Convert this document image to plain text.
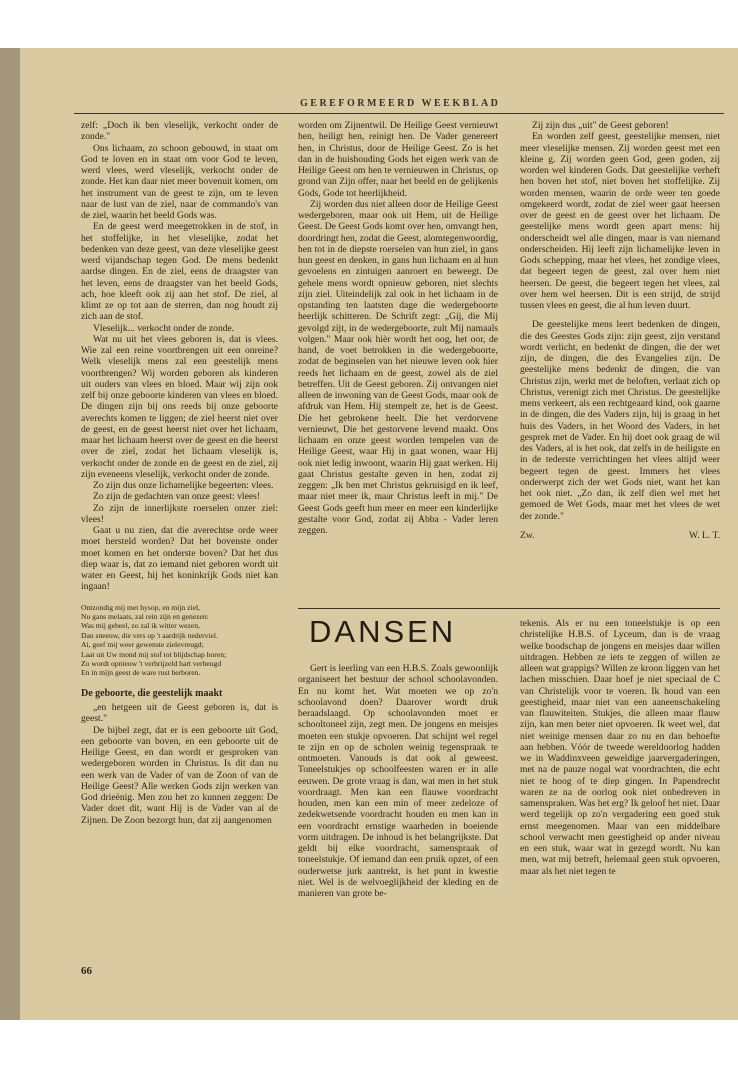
GEREFORMEERD WEEKBLAD

zelf: „Doch ik ben vleselijk, verkocht onder de zonde."

Ons lichaam, zo schoon gebouwd, in staat om God te loven en in staat om voor God te leven, werd vlees, werd vleselijk, verkocht onder de zonde. Het kan daar niet meer bovenuit komen, om het instrument van de geest te zijn, om te leven naar de lust van de ziel, naar de commando's van de ziel, waarin het beeld Gods was.

En de geest werd meegetrokken in de stof, in het stoffelijke, in het vleselijke, zodat het bedenken van deze geest, van deze vleselijke geest werd vijandschap tegen God. De mens bedenkt aardse dingen. En de ziel, eens de draagster van het leven, eens de draagster van het beeld Gods, ach, hoe kleeft ook zij aan het stof. De ziel, al klimt ze op tot aan de sterren, dan nog houdt zij zich aan de stof.

Vleselijk... verkocht onder de zonde.

Wat nu uit het vlees geboren is, dat is vlees. Wie zal een reine voortbrengen uit een onreine? Welk vleselijk mens zal een geestelijk mens voortbrengen? Wij worden geboren als kinderen uit ouders van vlees en bloed. Maar wij zijn ook zelf bij onze geboorte kinderen van vlees en bloed. De dingen zijn bij ons reeds bij onze geboorte averechts komen te liggen; de ziel heerst niet over de geest, en de geest heerst niet over het lichaam, maar het lichaam heerst over de geest en die heerst over de ziel, zodat het lichaam vleselijk is, verkocht onder de zonde en de geest en de ziel, zij zijn eveneens vleselijk, verkocht onder de zonde.

Zo zijn dus onze lichamelijke begeerten: vlees.

Zo zijn de gedachten van onze geest: vlees!

Zo zijn de innerlijkste roerselen onzer ziel: vlees!

Gaat u nu zien, dat die averechtse orde weer moet hersteld worden? Dat het bovenste onder moet komen en het onderste boven? Dat het dus diep waar is, dat zo iemand niet geboren wordt uit water en Geest, hij het koninkrijk Gods niet kan ingaan!

Ontzondig mij met hysop, en mijn ziel,
Nu gans melaats, zal rein zijn en genezen:
Was mij gebeel, zo zal ik witter wezen,
Dan sneeuw, die vers op 't aardrijk nederviel.
Ai, geef mij weer gewenste zielevreugd;
Laat uit Uw mond mij stof tot blijdschap horen;
Zo wordt opnieuw 't verbrijzeld hart verheugd
En in mijn geest de ware rust herboren.
De geboorte, die geestelijk maakt

„en hetgeen uit de Geest geboren is, dat is geest."

De bijbel zegt, dat er is een geboorte uit God, een geboorte van boven, en een geboorte uit de Heilige Geest, en dan wordt er gesproken van wedergeboren worden in Christus. Is dit dan nu een werk van de Vader of van de Zoon of van de Heilige Geest? Alle werken Gods zijn werken van God drieënig. Men zou het zo kunnen zeggen: De Vader doet dit, want Hij is de Vader van al de Zijnen. De Zoon bezorgt hun, dat zij aangenomen

worden om Zijnentwil. De Heilige Geest vernieuwt hen, heiligt hen, reinigt hen. De Vader genereert hen, in Christus, door de Heilige Geest. Zo is het dan in de huishouding Gods het eigen werk van de Heilige Geest om hen te vernieuwen in Christus, op grond van Zijn offer, naar het beeld en de gelijkenis Gods, Gode tot heerlijkheid.

Zij worden dus niet alleen door de Heilige Geest wedergeboren, maar ook uit Hem, uit de Heilige Geest. De Geest Gods komt over hen, omvangt hen, doordringt hen, zodat die Geest, alomtegenwoordig, hen tot in de diepste roerselen van hun ziel, in gans hun geest en denken, in gans hun lichaam en al hun gevoelens en zintuigen aanroert en beweegt. De gehele mens wordt opnieuw geboren, niet slechts zijn ziel. Uiteindelijk zal ook in het lichaam in de opstanding ten laatsten dage die wedergeboorte heerlijk schitteren. De Schrift zegt: „Gij, die Mij gevolgd zijt, in de wedergeboorte, zult Mij namaals volgen." Maar ook hièr wordt het oog, het oor, de hand, de voet betrokken in die wedergeboorte, zodat de beginselen van het nieuwe leven ook hier reeds het lichaam en de geest, zowel als de ziel betreffen. Uit de Geest geboren. Zij ontvangen niet alleen de inwoning van de Geest Gods, maar ook de afdruk van Hem. Hij stempelt ze, het is de Geest. Die het gebrokene heelt. Die het verdorvene vernieuwt, Die het gestorvene levend maakt. Ons lichaam en onze geest worden tempelen van de Heilige Geest, waar Hij in gaat wonen, waar Hij ook niet ledig inwoont, waarin Hij gaat werken. Hij gaat Christus gestalte geven in hen, zodat zij zeggen: „Ik ben met Christus gekruisigd en ik leef, maar niet meer ik, maar Christus leeft in mij." De Geest Gods geeft hun meer en meer een kinderlijke gestalte voor God, zodat zij Abba - Vader leren zeggen.

Zij zijn dus „uit" de Geest geboren!

En worden zelf geest, geestelijke mensen, niet meer vleselijke mensen. Zij worden geest met een kleine g. Zij worden geen God, geen goden, zij worden wel kinderen Gods. Dat geestelijke verheft hen boven het stof, niet boven het stoffelijke. Zij worden mensen, waarin de orde weer ten goede omgekeerd wordt, zodat de ziel weer gaat heersen over de geest en de geest over het lichaam. De geestelijke mens wordt geen apart mens: hij onderscheidt wel alle dingen, maar is van niemand onderscheiden. Hij leeft zijn lichamelijke leven in Gods schepping, maar het vlees, het zondige vlees, dat begeert tegen de geest, zal over hem niet heersen. De geest, die begeert tegen het vlees, zal over hem wel heersen. Dit is een strijd, de strijd tussen vlees en geest, die al hun leven duurt.

De geestelijke mens leert bedenken de dingen, die des Geestes Gods zijn: zijn geest, zijn verstand wordt verlicht, en bedenkt de dingen, die der wet zijn, de dingen, die des Evangelies zijn. De geestelijke mens bedenkt de dingen, die van Christus zijn, werkt met de beloften, verlaat zich op Christus, verenigt zich met Christus. De geestelijke mens verkeert, als een rechtgeaard kind, ook gaarne in de dingen, die des Vaders zijn, hij is graag in het huis des Vaders, in het Woord des Vaders, in het gesprek met de Vader. En hij doet ook graag de wil des Vaders, al is het ook, dat zelfs in de heiligste en in de tederste verrichtingen het vlees altijd weer begeert tegen de geest. Immers het vlees onderwerpt zich der wet Gods niet, want het kan het ook niet. „Zo dan, ik zelf dien wel met het gemoed de Wet Gods, maar met het vlees de wet der zonde."

Zw.	W. L. T.
DANSEN

Gert is leerling van een H.B.S. Zoals gewoonlijk organiseert het bestuur der school schoolavonden. En nu komt het. Wat moeten we op zo'n schoolavond doen? Daarover wordt druk beraadslaagd. Op schoolavonden moet er schooltoneel zijn, zegt men. De jongens en meisjes moeten een stukje opvoeren. Dat schijnt wel regel te zijn en op de scholen weinig tegenspraak te ontmoeten. Vanouds is dat ook al geweest. Toneelstukjes op schoolfeesten waren er in alle eeuwen. De grote vraag is dan, wat men in het stuk voordraagt. Men kan een flauwe voordracht houden, men kan een min of meer zedeloze of zedekwetsende voordracht houden en men kan in een voordracht ernstige waarheden in boeiende vorm uitdragen. De inhoud is het belangrijkste. Dat geldt bij elke voordracht, samenspraak of toneelstukje. Of iemand dan een pruik opzet, of een ouderwetse jurk aantrekt, is het punt in kwestie niet. Wel is de welvoeglijkheid der kleding en de manieren van grote be-

tekenis. Als er nu een toneelstukje is op een christelijke H.B.S. of Lyceum, dan is de vraag welke boodschap de jongens en meisjes daar willen uitdragen. Hebben ze iets te zeggen of willen ze alleen wat grappigs? Willen ze kroon liggen van het lachen misschien. Daar hoef je niet speciaal de C van Christelijk voor te voeren. Ik houd van een geestigheid, maar niet van een aaneenschakeling van flauwiteiten. Stukjes, die alleen maar flauw zijn, kan men beter niet opvoeren. Ik weet wel, dat niet weinige mensen daar zo nu en dan behoefte aan hebben. Vóór de tweede wereldoorlog hadden we in Waddinxveen geweldige jaarvergaderingen, met na de pauze nogal wat voordrachten, die echt niet te hoog of te diep gingen. In Papendrecht waren ze na de oorlog ook niet onbedreven in samenspraken. Was het erg? Ik geloof het niet. Daar werd tegelijk op zo'n vergadering een goed stuk ernst meegenomen. Maar van een middelbare school verwacht men geestigheid op ander niveau en een stuk, waar wat in gezegd wordt. Nu kan men, wat mij betreft, helemaal geen stuk opvoeren, maar als het niet tegen te

66
